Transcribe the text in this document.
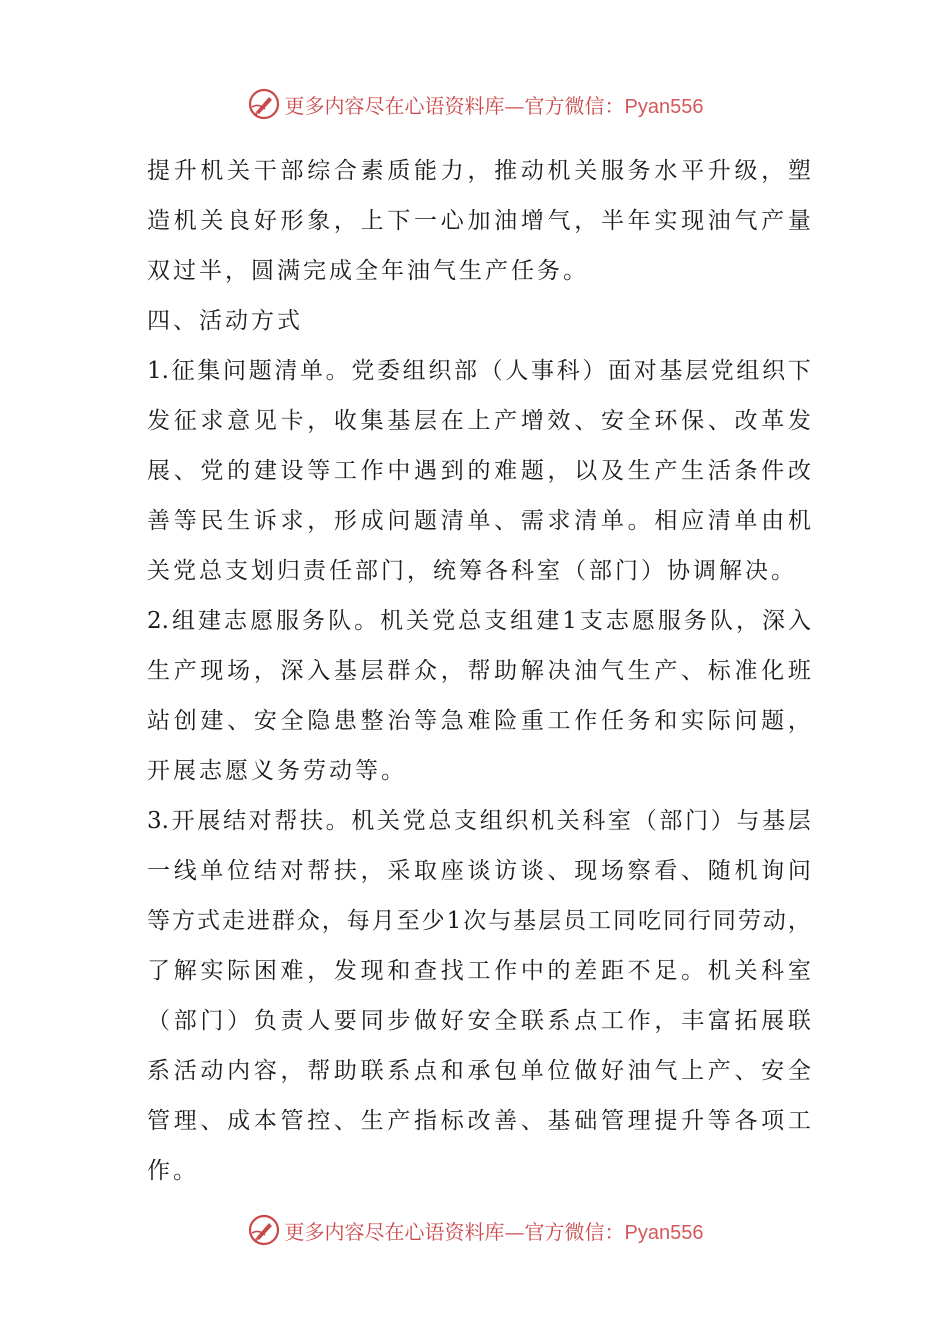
更多内容尽在心语资料库—官方微信：Pyan556
提 升 机 关 干 部 综 合 素 质 能 力 ， 推 动 机 关 服 务 水 平 升 级 ， 塑
造 机 关 良 好 形 象 ， 上 下 一 心 加 油 增 气 ， 半 年 实 现 油 气 产 量
双过半，圆满完成全年油气生产任务。
四、活动方式
1. 征 集 问 题 清 单 。 党 委 组 织 部 （ 人 事 科 ） 面 对 基 层 党 组 织 下
发 征 求 意 见 卡 ， 收 集 基 层 在 上 产 增 效 、 安 全 环 保 、 改 革 发
展 、 党 的 建 设 等 工 作 中 遇 到 的 难 题 ， 以 及 生 产 生 活 条 件 改
善 等 民 生 诉 求 ， 形 成 问 题 清 单 、 需 求 清 单 。 相 应 清 单 由 机
关党总支划归责任部门，统筹各科室（部门）协调解决。
2. 组 建 志 愿 服 务 队 。 机 关 党 总 支 组 建 1 支 志 愿 服 务 队 ， 深 入
生 产 现 场 ， 深 入 基 层 群 众 ， 帮 助 解 决 油 气 生 产 、 标 准 化 班
站 创 建 、 安 全 隐 患 整 治 等 急 难 险 重 工 作 任 务 和 实 际 问 题 ，
开展志愿义务劳动等。
3. 开 展 结 对 帮 扶 。 机 关 党 总 支 组 织 机 关 科 室 （ 部 门 ） 与 基 层
一 线 单 位 结 对 帮 扶 ， 采 取 座 谈 访 谈 、 现 场 察 看 、 随 机 询 问
等 方 式 走 进 群 众 ， 每 月 至 少 1 次 与 基 层 员 工 同 吃 同 行 同 劳 动 ，
了 解 实 际 困 难 ， 发 现 和 查 找 工 作 中 的 差 距 不 足 。 机 关 科 室
（ 部 门 ） 负 责 人 要 同 步 做 好 安 全 联 系 点 工 作 ， 丰 富 拓 展 联
系 活 动 内 容 ， 帮 助 联 系 点 和 承 包 单 位 做 好 油 气 上 产 、 安 全
管 理 、 成 本 管 控 、 生 产 指 标 改 善 、 基 础 管 理 提 升 等 各 项 工
作。
更多内容尽在心语资料库—官方微信：Pyan556
